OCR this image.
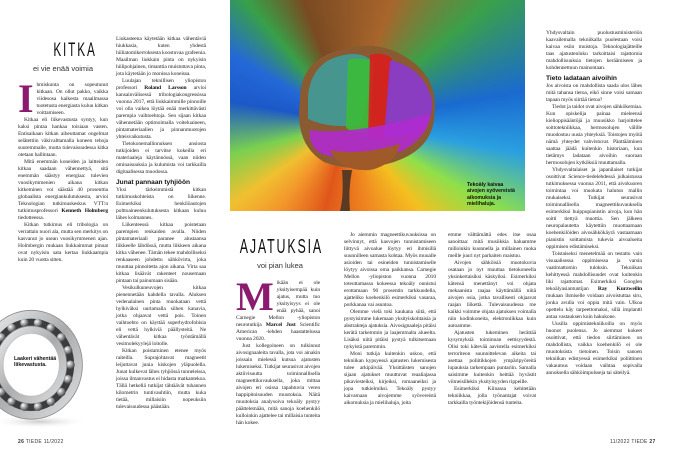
KITKA
ei vie enää voimia

Ihmiskunta on sopeutunut kitkaan. On ollut pakko, vaikka viidesosa kaikesta maailmassa tuotetusta energiasta kuluu kitkan voittamiseen.

Kitkaa eli liikevastusta syntyy, kun kaksi pintaa hankaa toisiaan vasten. Entisaikaan kitkan aiheuttamat ongelmat selätettiin väkivalttamalla koneen tehoja suuremmalle, mutta tulevaisuudessa kitka otetaan hallintaan.

Mitä enemmän koneiden ja laitteiden kitkaa saadaan vähennettyä, sitä enemmän säästyy energiaa: tulevien vuosikymmenien aikana kitkan kitkeminen voi säästää 40 prosenttia globaalista energiankulutuksesta, arvioi Teknologian tutkimuskeskus VTT:n tutkimusprofessori Kenneth Holmberg tiedotteessa.

Kitkan tutkimus eli tribologia on verrattain nuori ala, mutta sen merkitys on kasvanut jo usean vuosikymmenen ajan. Holmbergin mukaan liukkaimmat pinnat ovat nykyisin sata kertaa liukkaampia kuin 20 vuotta sitten.

Liukasteena käytetään kitkaa vähentäviä hiukkasia, kuten yhdestä hiiliatomikerroksesta koostuvaa grafeenia. Maailman liukkain pinta on nykyisin hiilipohjainen, timanttia muistuttava pinta, jota käytetään jo monissa koneissa.

Luulajan teknillisen yliopiston professori Roland Larsson arvioi kansainvälisessä tribologiakongressissa vuonna 2017, että liukkaimmille pinnoille voi olla vaikea löytää enää merkittävästi parempia vaihtoehtoja. Sen sijaan kitkaa vähennetään optimoimalla voiteluaineen, pintamateriaalien ja pinnanmuotojen yhteisvaikutusta.

Tietokonemallinnuksen ansiosta tutkijoiden ei tarvitse kokeilla eri materiaaleja käytännössä, vaan niiden ominaisuuksia ja kulumista voi tarkkailla digitaalisessa muodossa.

Junat pannaan tyhjiöön

Yksi tärkeimmistä kitkan tutkimuskohteista on liikenne. Esimerkiksi henkilöautojen polttoaineenkulutuksesta kitkaan kuluu lähes kolmannes.

Liikenteessä kitkaa poistetaan parempien renkaiden avulla. Niiden pintamateriaali paranee alustaansa liikkeelle lähdössä, mutta liikkeen aikana kitka vähenee. Tämän tekee mahdolliseksi renkaaseen johdettu sähkövirta, joka muuttaa pinnoitetta ajon aikana. Virta saa kitkaa lisäävät rakenteet nousemaan pintaan tai painumaan sisään.

Vesikulkuneuvojen kitkaa pienennetään kahdella tavalla. Aluksen vedenalainen pinta muokataan vettä hylkiväksi uurtamalla siihen kanavia, jotka ohjaavat vettä pois. Toinen vaihtoehto on käyttää superhydrofobisia eli vettä hylkiviä päällysteitä. Ne vähentävät kitkaa työntämällä vesimolekyylejä loitolle.

Kitkan poistaminen etenee myös raiteilla. Suprajohtavat magneetit leijuttavat junia kiskojen yläpuolella. Junat kulkevat lähes tyhjiössä tunneleissa, joissa ilmanvastus ei hidasta matkantekoa. Tällä hetkellä tutkijat tähtäävät tuhannen kilometrin tuntivauhtiin, mutta kuka tietää, millaisiin nopeuksiin tulevaisuudessa päästään.

Laakeri vähentää liikevastusta.
Tekoäly kaivaa aivojen syövereistä aikomuksia ja mielihaluja.
AJATUKSIA
voi pian lukea

Mikään ei ole yksityisempää kuin ajatus, mutta tuo yksityisyys ei ole enää pyhää, sanoi Carnegie Mellon -yliopiston neurotutkija Marcel Just Scientific American -lehden haastattelussa vuonna 2020.

Just kollegoineen on tulkinnut aivosignaaleita tavalla, jota voi ainakin joissain mielessä kutsua ajatusten lukemiseksi. Tutkijat seurasivat aivojen aktiivisuutta toiminnallisella magneettikuvauksella, joka mittaa aivojen eri osissa tapahtuvia veren happipitoisuuden muutoksia. Näitä muutoksia analysoiva tekoäly pystyy päättelemään, mitä sanoja koehenkilö kulloinkin ajattelee tai millaisia tunteita hän kokee.

Jo aiemmin magneettikuvauksissa on selvinnyt, että kasvojen tunnistamiseen liittyvä aivoalue löytyy eri ihmisillä suunnilleen samasta kohtaa. Myös muualle asioiden tai esineiden tunnistamiselle löytyy aivoissa oma paikkansa. Carnegie Mellon -yliopiston vuonna 2010 toteuttamassa kokeessa tekoäly onnistui erottamaan 90 prosentin tarkkuudella, ajatteliko koehenkilö esimerkiksi vasaraa, porkkanaa vai asuntoa.

Olemme vielä toki kaukana siitä, että pystyisimme lukemaan yksityiskohtaisia ja abstrakteja ajatuksia. Aivosignaaleja pitäisi kerätä tarkemmin ja laajemmalta alueelta. Lisäksi niitä pitäisi pystyä tulkitsemaan nykyistä paremmin.

Moni tutkija kuitenkin uskoo, että tekniikan kypsyessä ajatusten lukemisesta tulee arkipäivää. Yksittäisten sanojen sijaan ajatukset muuttuvat reaaliajassa pikaviesteiksi, kirjeiksi, romaaneiksi ja jopa tutkielmiksi. Tekoäly pystyy kaivamaan aivojemme syövereistä aikomuksia ja mielihaluja, joita

emme välttämättä edes itse osaa sanoittaa: mitä musiikkia haluamme milloinkin kuunnella ja millainen ruoka meille juuri nyt parhaiten maistuu.

Aivojen sähköisiä muotokuvia osataan jo nyt muuttaa tietokoneella yksinkertaisiksi käskyiksi. Esimerkiksi kätensä menettänyt voi ohjata mekaanista raajaa käyttämällä niitä aivojen osia, jotka tavallisesti ohjaavat raajan liikettä. Tulevaisuudessa me kaikki voimme ohjata ajatuksen voimalla niin kodinkoneita, elektroniikkaa kuin autoamme.

Ajatusten lukeminen herättää kysymyksiä toiminnan eettisyydestä. Olisi toki kätevää aavistella esimerkiksi terroriteon suunnittelevan aikeita tai asettaa poliitikkojen ympäripyöreitä lupauksia tarkempaan puntariin. Samalla saisimme kuitenkin heittää hyvästit viimeisillekin yksityisyyden rippeille.

Esimerkiksi Kiinassa kehitetään tekniikkaa, jolla työnantajat voivat tarkkailla työntekijöidensä tunteita.

Yhdysvaltain puolustusministeriön kaavailemalla tekniikalla puolestaan voisi kaivaa esiin muistoja. Teknologiajätteille taas ajatustenluku tarkoittaisi rajattomia mahdollisuuksia tietojen keräämiseen ja kohdennettuun mainontaan.

Tieto ladataan aivoihin

Jos aivoista on mahdollista saada ulos lähes mitä tahansa tietoa, eikö sinne voisi samaan tapaan myös siirtää tietoa?

Tiedot ja taidot ovat aivojen sähkökemiaa. Kun opiskelija painaa mieleensä kielioppisääntöjä ja muusikko harjoittelee soittotekniikkaa, hermosolujen välille muodostuu uusia yhteyksiä. Toistojen myötä nämä yhteydet vahvistuvat. Pänttääminen saattaa jäädä kuitenkin historiaan, kun tietämys ladataan aivoihin suoraan hermosolujen kytköksiä muuttamalla.

Yhdysvaltalaiset ja japanilaiset tutkijat osoittivat Science-tiedelehdessä julkaistussa tutkimuksessa vuonna 2011, että aivokuoren toimintaa voi muokata halutun mallin mukaiseksi. Tutkijat seurasivat toiminnallisella magneettikuvauksella esimerkiksi huippupianistin aivoja, kun hän soitti tiettyä muottia. Sen jälkeen neuropalautetta käytettiin muottaamaan koehenkilöiden aivosähkökäyrä vastaamaan pianistin soittamista tukevia aivoalueita oppimisen edistämiseksi.

Toistaiseksi menetelmää on testattu vain visuaalisessa oppimisessa ja varsin vaatimattomin tuloksin. Tekniikan kehittyessä mahdollisuudet ovat kuitenkin liki rajattomat. Esimerkiksi Googlen tekoälyasiantuntijan Ray Kurzweilin mukaan ihmiselle voidaan aivoistuttaa siru, jonka avulla voi oppia mitä vain. Ulkoa opettelu käy tarpeettomaksi, sillä implantti antaa vastauksen kuin hakukone.

Uusilla oppimistekniikoilla on myös huonot puolensa. Jo aiemmat kokeet osoittivat, että tiedon siirtäminen on mahdollista, vaikka koehenkilö ei ole muutoksista tietoinen. Toisin sanoen tekniikan edistyessä esimerkiksi poliittinen vakaumus voidaan vaihtaa sopivalla annoksella sähköimpulsseja tai säteilyä.

26 TIEDE 11/2022	11/2022 TIEDE 27
